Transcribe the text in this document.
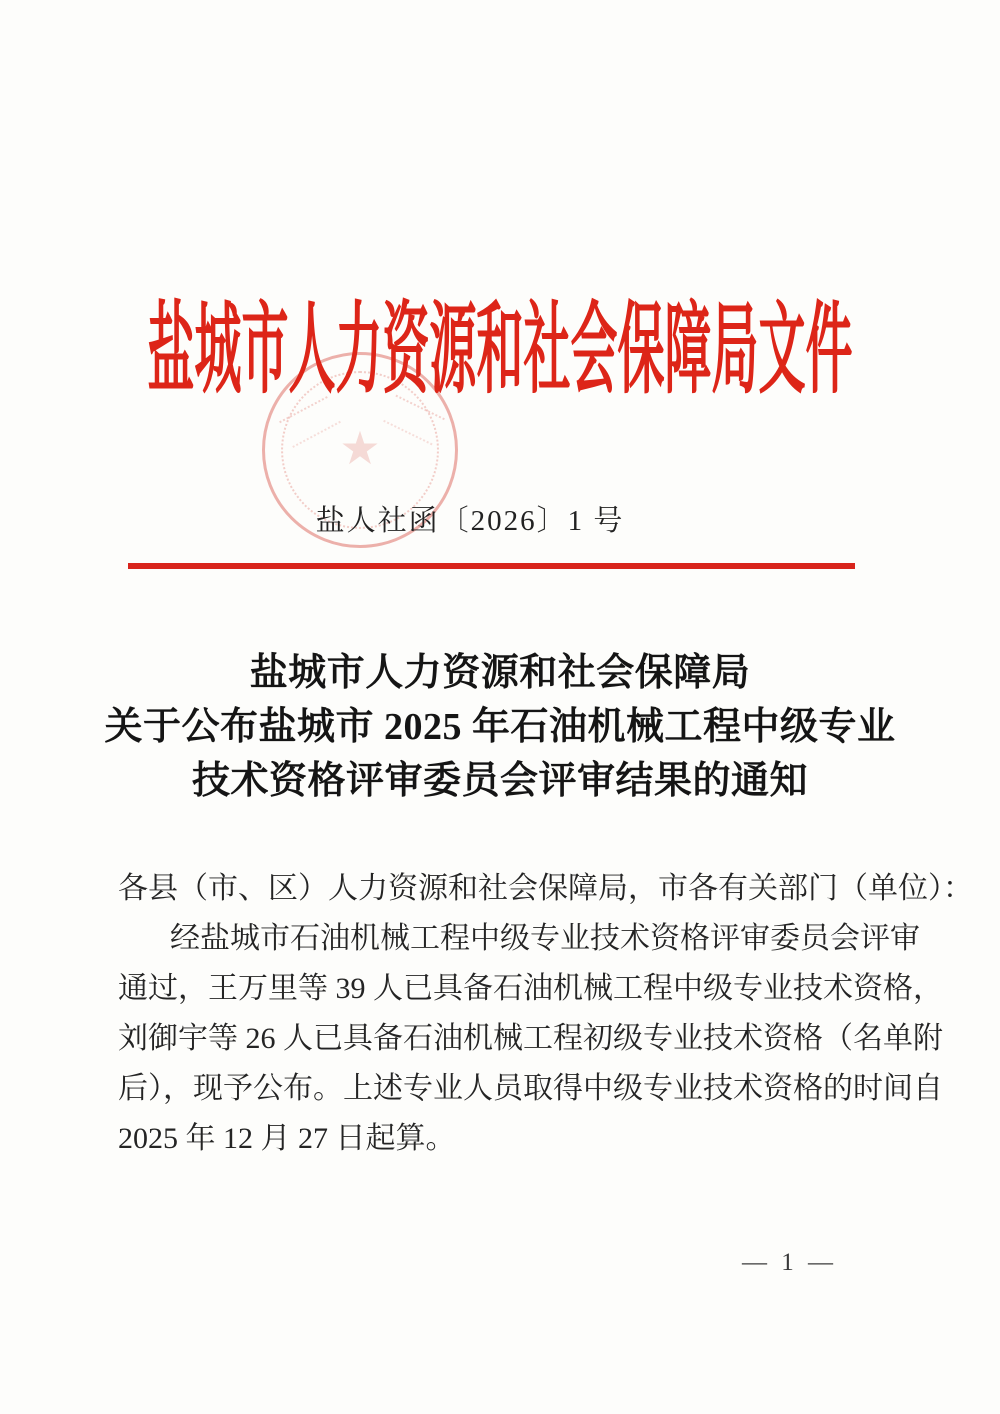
★
盐城市人力资源和社会保障局文件
盐人社函〔2026〕1 号
盐城市人力资源和社会保障局
关于公布盐城市 2025 年石油机械工程中级专业
技术资格评审委员会评审结果的通知

各县（市、区）人力资源和社会保障局，市各有关部门（单位）：

经盐城市石油机械工程中级专业技术资格评审委员会评审

通过，王万里等 39 人已具备石油机械工程中级专业技术资格，

刘御宇等 26 人已具备石油机械工程初级专业技术资格（名单附

后），现予公布。上述专业人员取得中级专业技术资格的时间自

2025 年 12 月 27 日起算。

— 1 —
